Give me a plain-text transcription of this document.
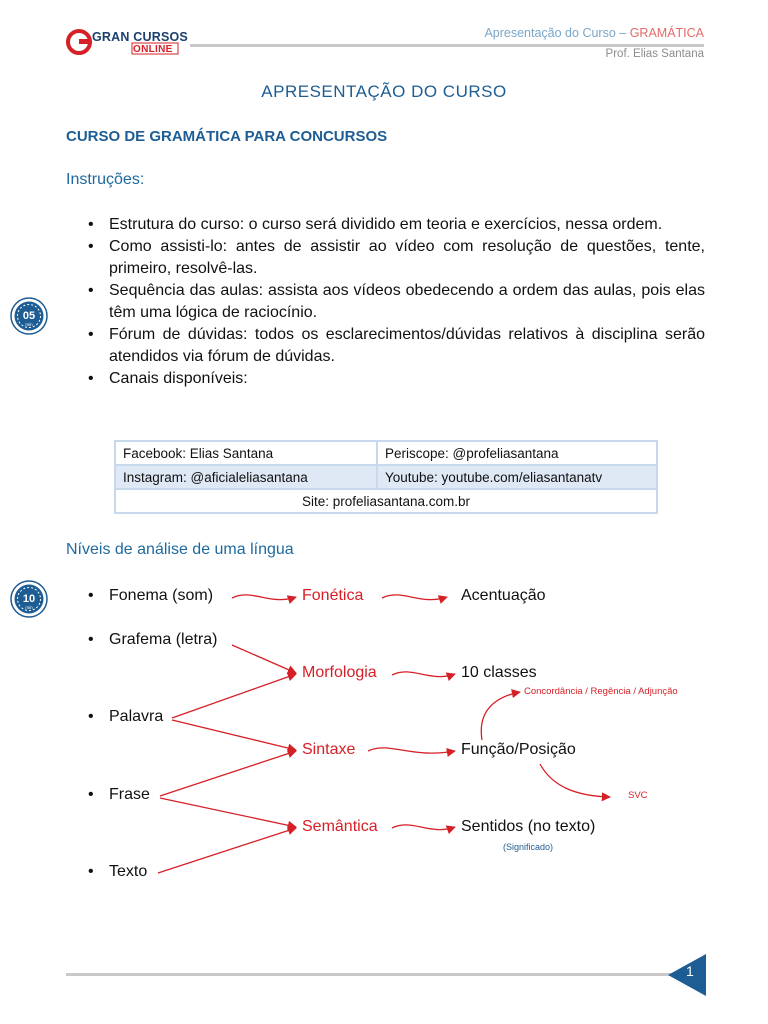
GRAN CURSOS
ONLINE
Apresentação do Curso – GRAMÁTICA
Prof. Elias Santana
APRESENTAÇÃO DO CURSO
CURSO DE GRAMÁTICA PARA CONCURSOS
Instruções:
05
min
• Estrutura do curso: o curso será dividido em teoria e exercícios, nessa ordem.
• Como assisti-lo: antes de assistir ao vídeo com resolução de questões, tente, primeiro, resolvê-las.
• Sequência das aulas: assista aos vídeos obedecendo a ordem das aulas, pois elas têm uma lógica de raciocínio.
• Fórum de dúvidas: todos os esclarecimentos/dúvidas relativos à disciplina serão atendidos via fórum de dúvidas.
• Canais disponíveis:
Facebook: Elias Santana	Periscope: @profeliasantana
Instagram: @aficialeliasantana	Youtube: youtube.com/eliasantanatv
Site: profeliasantana.com.br	
Níveis de análise de uma língua
10
min
• Fonema (som)
• Grafema (letra)
• Palavra
• Frase
• Texto
Fonética
Morfologia
Sintaxe
Semântica
Acentuação
10 classes
Função/Posição
Sentidos (no texto)
Concordância / Regência / Adjunção
SVC
(Significado)
1
